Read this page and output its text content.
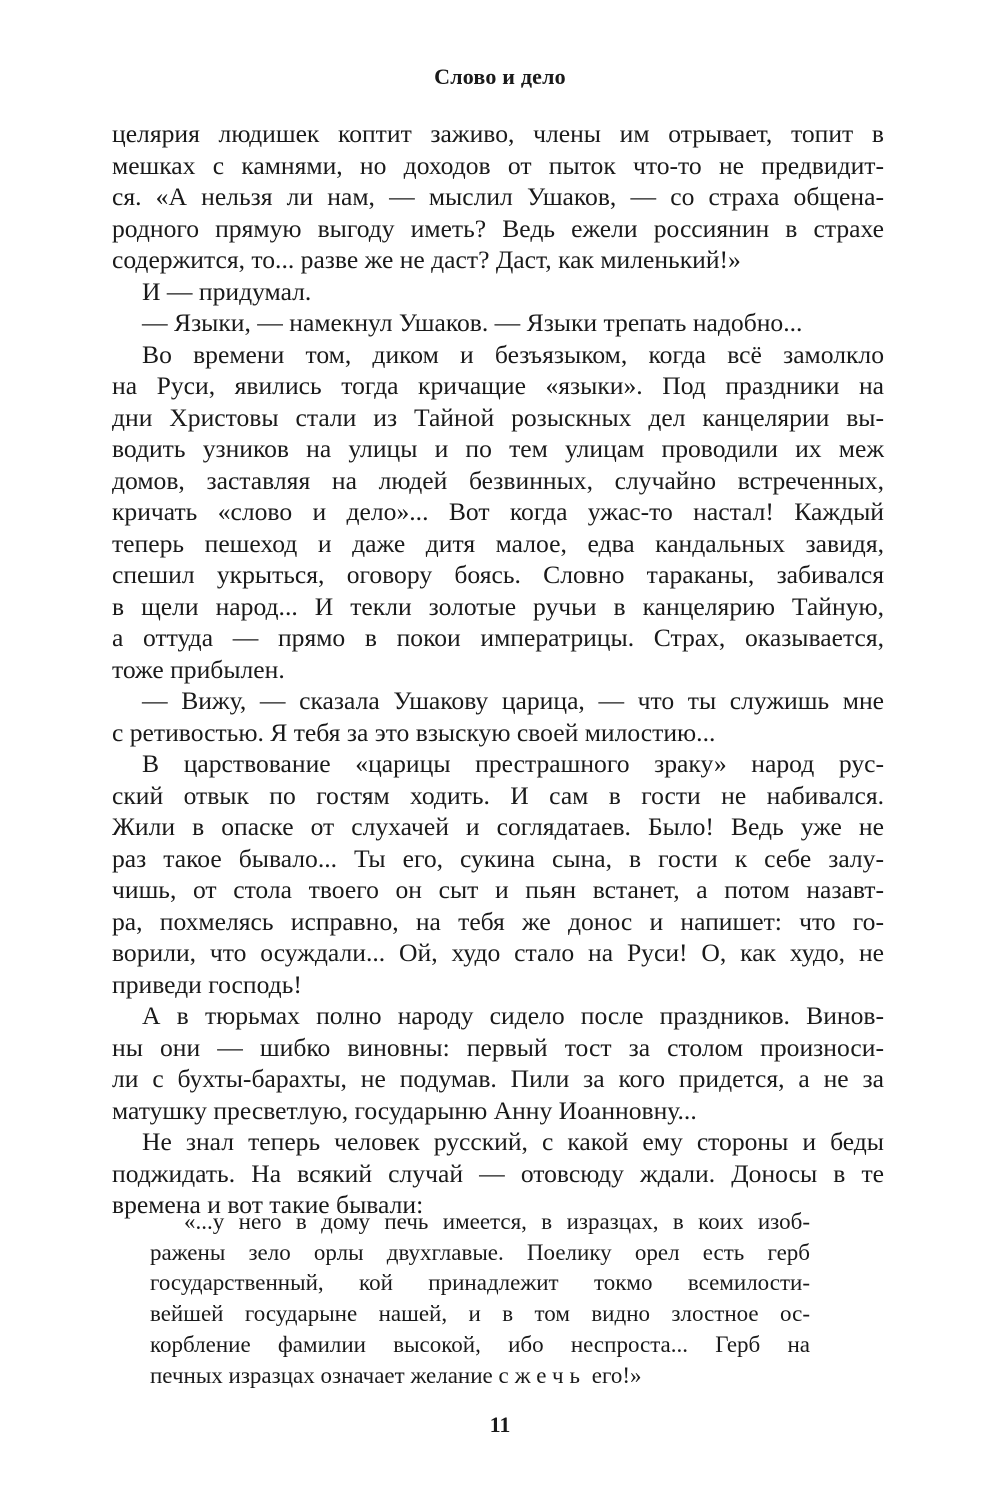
Слово и дело
целярия людишек коптит заживо, члены им отрывает, топит в
мешках с камнями, но доходов от пыток что-то не предвидит-
ся. «А нельзя ли нам, — мыслил Ушаков, — со страха общена-
родного прямую выгоду иметь? Ведь ежели россиянин в страхе
содержится, то... разве же не даст? Даст, как миленький!»
И — придумал.
— Языки, — намекнул Ушаков. — Языки трепать надобно...
Во времени том, диком и безъязыком, когда всё замолкло
на Руси, явились тогда кричащие «языки». Под праздники на
дни Христовы стали из Тайной розыскных дел канцелярии вы-
водить узников на улицы и по тем улицам проводили их меж
домов, заставляя на людей безвинных, случайно встреченных,
кричать «слово и дело»... Вот когда ужас-то настал! Каждый
теперь пешеход и даже дитя малое, едва кандальных завидя,
спешил укрыться, оговору боясь. Словно тараканы, забивался
в щели народ... И текли золотые ручьи в канцелярию Тайную,
а оттуда — прямо в покои императрицы. Страх, оказывается,
тоже прибылен.
— Вижу, — сказала Ушакову царица, — что ты служишь мне
с ретивостью. Я тебя за это взыскую своей милостию...
В царствование «царицы престрашного зраку» народ рус-
ский отвык по гостям ходить. И сам в гости не набивался.
Жили в опаске от слухачей и соглядатаев. Было! Ведь уже не
раз такое бывало... Ты его, сукина сына, в гости к себе залу-
чишь, от стола твоего он сыт и пьян встанет, а потом назавт-
ра, похмелясь исправно, на тебя же донос и напишет: что го-
ворили, что осуждали... Ой, худо стало на Руси! О, как худо, не
приведи господь!
А в тюрьмах полно народу сидело после праздников. Винов-
ны они — шибко виновны: первый тост за столом произноси-
ли с бухты-барахты, не подумав. Пили за кого придется, а не за
матушку пресветлую, государыню Анну Иоанновну...
Не знал теперь человек русский, с какой ему стороны и беды
поджидать. На всякий случай — отовсюду ждали. Доносы в те
времена и вот такие бывали:
«...у него в дому печь имеется, в изразцах, в коих изоб-
ражены зело орлы двухглавые. Поелику орел есть герб
государственный, кой принадлежит токмо всемилости-
вейшей государыне нашей, и в том видно злостное ос-
корбление фамилии высокой, ибо неспроста... Герб на
печных изразцах означает желание сжечь его!»
11
